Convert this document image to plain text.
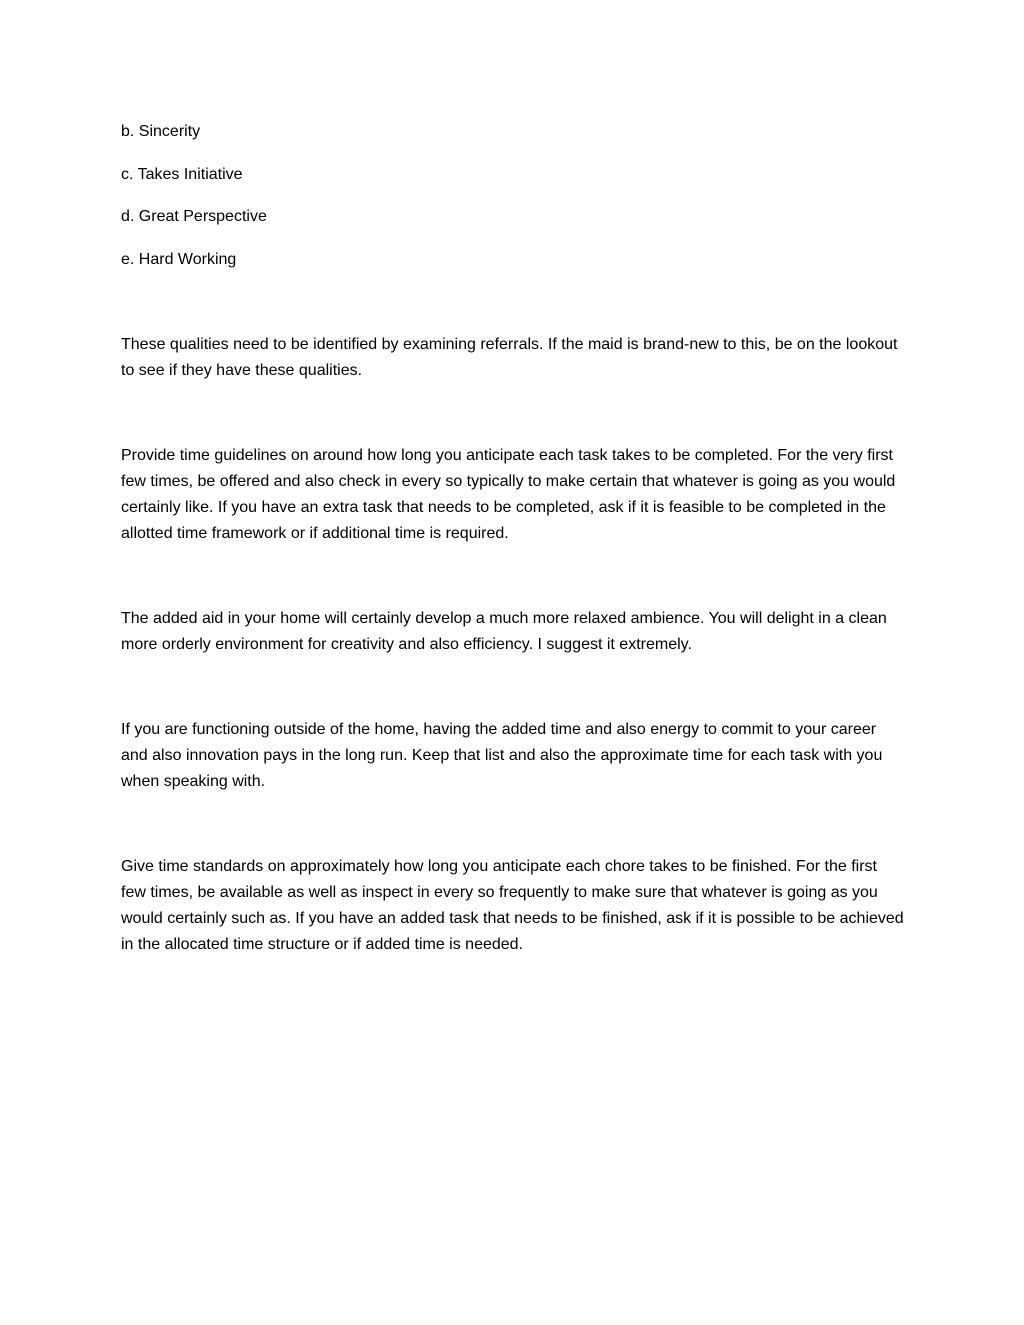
b. Sincerity
c. Takes Initiative
d. Great Perspective
e. Hard Working

These qualities need to be identified by examining referrals. If the maid is brand-new to this, be on the lookout to see if they have these qualities.

Provide time guidelines on around how long you anticipate each task takes to be completed. For the very first few times, be offered and also check in every so typically to make certain that whatever is going as you would certainly like. If you have an extra task that needs to be completed, ask if it is feasible to be completed in the allotted time framework or if additional time is required.

The added aid in your home will certainly develop a much more relaxed ambience. You will delight in a clean more orderly environment for creativity and also efficiency. I suggest it extremely.

If you are functioning outside of the home, having the added time and also energy to commit to your career and also innovation pays in the long run. Keep that list and also the approximate time for each task with you when speaking with.

Give time standards on approximately how long you anticipate each chore takes to be finished. For the first few times, be available as well as inspect in every so frequently to make sure that whatever is going as you would certainly such as. If you have an added task that needs to be finished, ask if it is possible to be achieved in the allocated time structure or if added time is needed.
